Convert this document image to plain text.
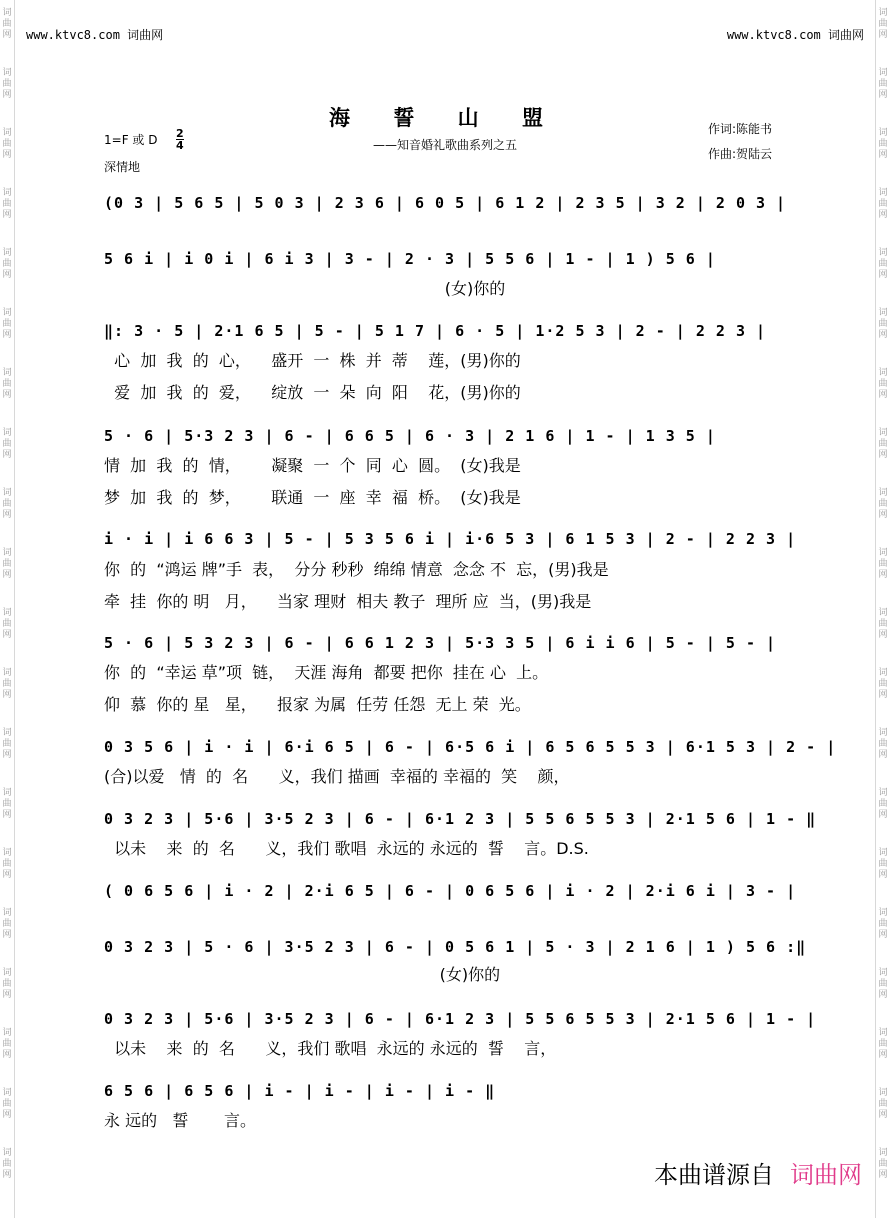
词
曲
网
词
曲
网
词
曲
网
词
曲
网
词
曲
网
词
曲
网
词
曲
网
词
曲
网
词
曲
网
词
曲
网
词
曲
网
词
曲
网
词
曲
网
词
曲
网
词
曲
网
词
曲
网
词
曲
网
词
曲
网
词
曲
网
词
曲
网
词
曲
网
词
曲
网
词
曲
网
词
曲
网
词
曲
网
词
曲
网
词
曲
网
词
曲
网
词
曲
网
词
曲
网
词
曲
网
词
曲
网
词
曲
网
词
曲
网
词
曲
网
词
曲
网
词
曲
网
词
曲
网
词
曲
网
词
曲
网
www.ktvc8.com 词曲网	www.ktvc8.com 词曲网
海 誓 山 盟
——知音婚礼歌曲系列之五
1=F 或 D $\frac{2}{4}$
深情地
作词:陈能书
作曲:贺陆云
(0 3 | 5 6 5 | 5 0 3 | 2 3 6 | 6 0 5 | 6 1 2 | 2 3 5 | 3 2 | 2 0 3 |
5 6 i | i 0 i | 6 i 3 | 3 - | 2 · 3 | 5 5 6 | 1 - | 1 ) 5 6 |
(女)你的
‖: 3 · 5 | 2·1 6 5 | 5 - | 5 1 7 | 6 · 5 | 1·2 5 3 | 2 - | 2 2 3 |
心  加  我  的  心，    盛开  一  株  并  蒂    莲，(男)你的
爱  加  我  的  爱，    绽放  一  朵  向  阳    花，(男)你的
5 · 6 | 5·3 2 3 | 6 - | 6 6 5 | 6 · 3 | 2 1 6 | 1 - | 1 3 5 |
情  加  我  的  情，      凝聚  一  个  同  心  圆。  (女)我是
梦  加  我  的  梦，      联通  一  座  幸  福  桥。  (女)我是
i · i | i 6 6 3 | 5 - | 5 3 5 6 i | i·6 5 3 | 6 1 5 3 | 2 - | 2 2 3 |
你  的  “鸿运 牌”手  表，  分分 秒秒  绵绵 情意  念念 不  忘，(男)我是
牵  挂  你的 明   月，    当家 理财  相夫 教子  理所 应  当，(男)我是
5 · 6 | 5 3 2 3 | 6 - | 6 6 1 2 3 | 5·3 3 5 | 6 i i 6 | 5 - | 5 - |
你  的  “幸运 草”项  链，  天涯 海角  都要 把你  挂在 心  上。
仰  慕  你的 星   星，    报家 为属  任劳 任怨  无上 荣  光。
0 3 5 6 | i · i | 6·i 6 5 | 6 - | 6·5 6 i | 6 5 6 5 5 3 | 6·1 5 3 | 2 - |
(合)以爱   情  的  名      义，我们 描画  幸福的 幸福的  笑    颜，
0 3 2 3 | 5·6 | 3·5 2 3 | 6 - | 6·1 2 3 | 5 5 6 5 5 3 | 2·1 5 6 | 1 - ‖
以未    来  的  名      义，我们 歌唱  永远的 永远的  誓    言。D.S.
( 0 6 5 6 | i · 2 | 2·i 6 5 | 6 - | 0 6 5 6 | i · 2 | 2·i 6 i | 3 - |
0 3 2 3 | 5 · 6 | 3·5 2 3 | 6 - | 0 5 6 1 | 5 · 3 | 2 1 6 | 1 ) 5 6 :‖
(女)你的
0 3 2 3 | 5·6 | 3·5 2 3 | 6 - | 6·1 2 3 | 5 5 6 5 5 3 | 2·1 5 6 | 1 - |
以未    来  的  名      义，我们 歌唱  永远的 永远的  誓    言，
6 5 6 | 6 5 6 | i - | i - | i - | i - ‖
永 远的   誓       言。
本曲谱源自 词曲网
